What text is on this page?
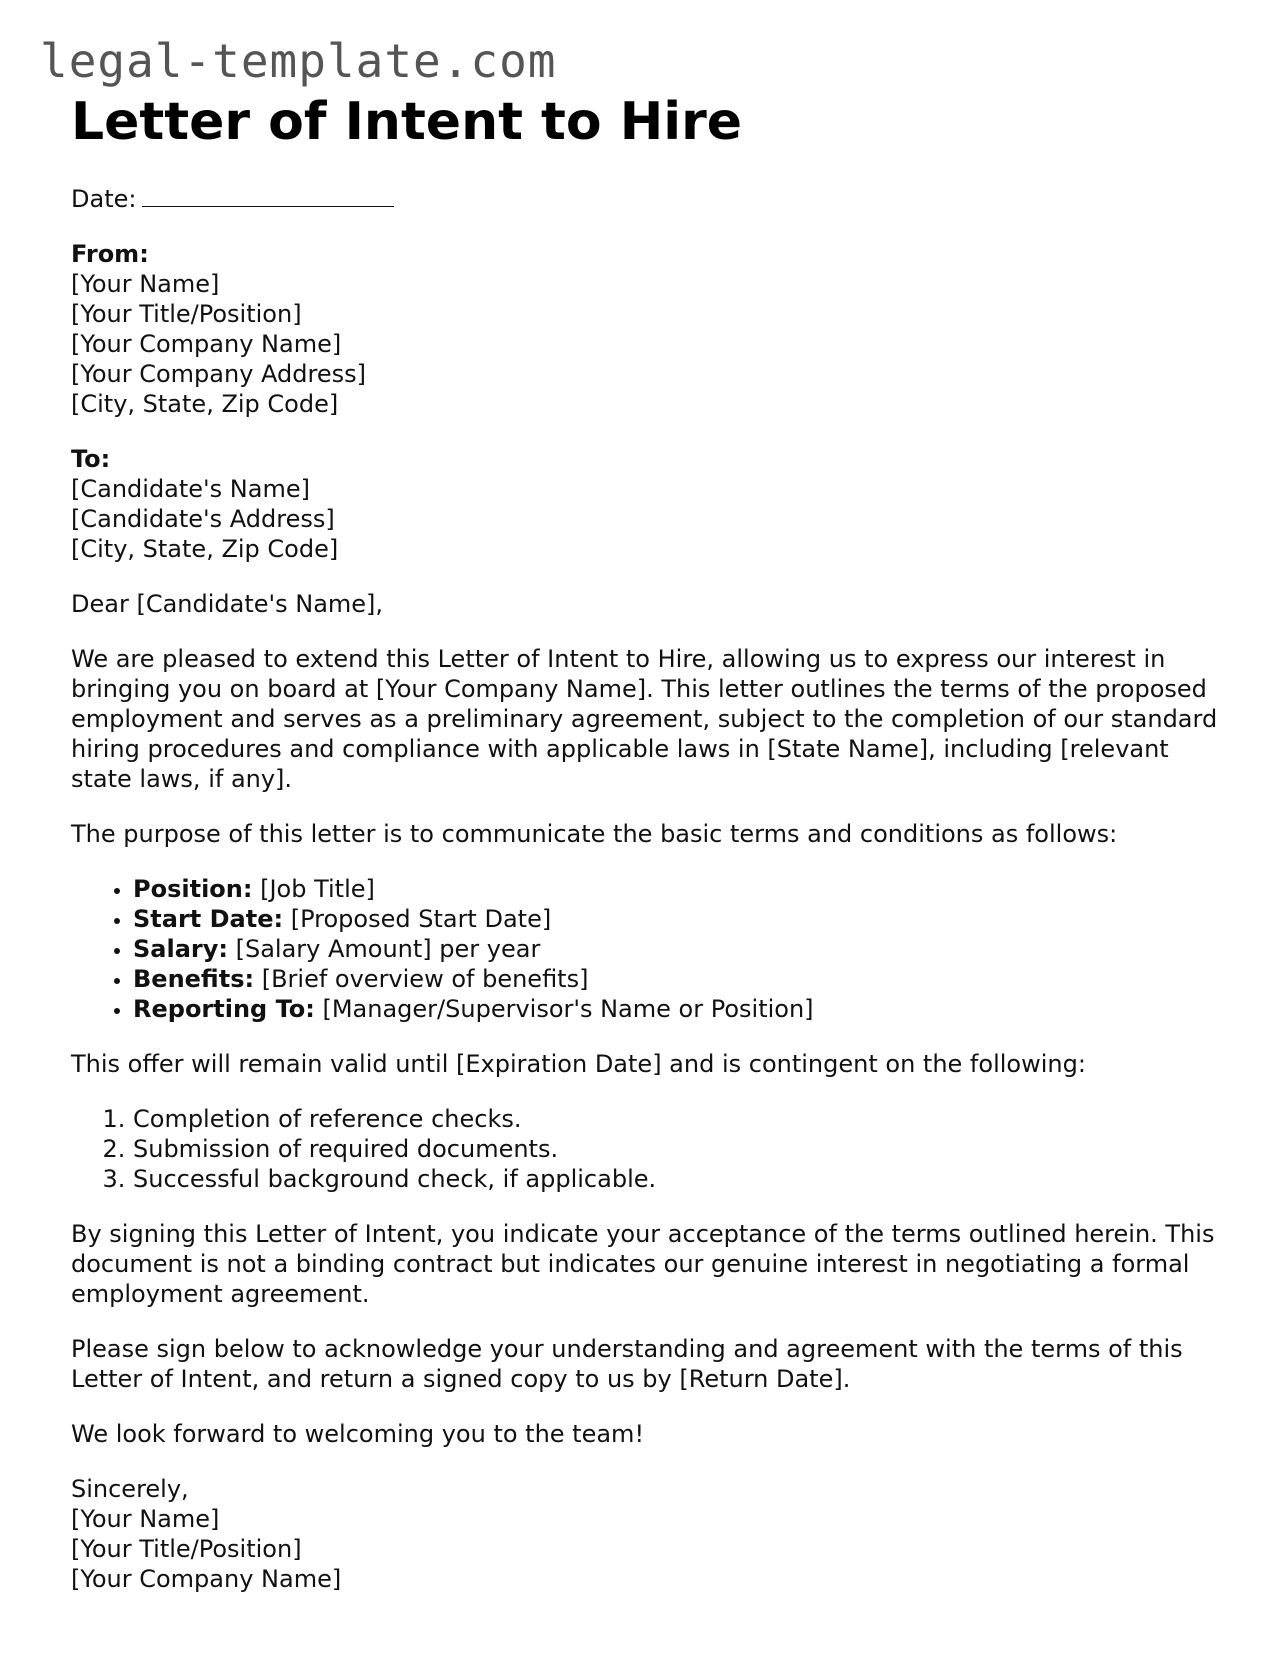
legal-template.com
Letter of Intent to Hire

Date:

From:
[Your Name]
[Your Title/Position]
[Your Company Name]
[Your Company Address]
[City, State, Zip Code]
To:
[Candidate's Name]
[Candidate's Address]
[City, State, Zip Code]

Dear [Candidate's Name],

We are pleased to extend this Letter of Intent to Hire, allowing us to express our interest in bringing you on board at [Your Company Name]. This letter outlines the terms of the proposed employment and serves as a preliminary agreement, subject to the completion of our standard hiring procedures and compliance with applicable laws in [State Name], including [relevant state laws, if any].

The purpose of this letter is to communicate the basic terms and conditions as follows:

• Position: [Job Title]
• Start Date: [Proposed Start Date]
• Salary: [Salary Amount] per year
• Benefits: [Brief overview of benefits]
• Reporting To: [Manager/Supervisor's Name or Position]

This offer will remain valid until [Expiration Date] and is contingent on the following:

1. Completion of reference checks.
2. Submission of required documents.
3. Successful background check, if applicable.

By signing this Letter of Intent, you indicate your acceptance of the terms outlined herein. This document is not a binding contract but indicates our genuine interest in negotiating a formal employment agreement.

Please sign below to acknowledge your understanding and agreement with the terms of this Letter of Intent, and return a signed copy to us by [Return Date].

We look forward to welcoming you to the team!

Sincerely,
[Your Name]
[Your Title/Position]
[Your Company Name]
